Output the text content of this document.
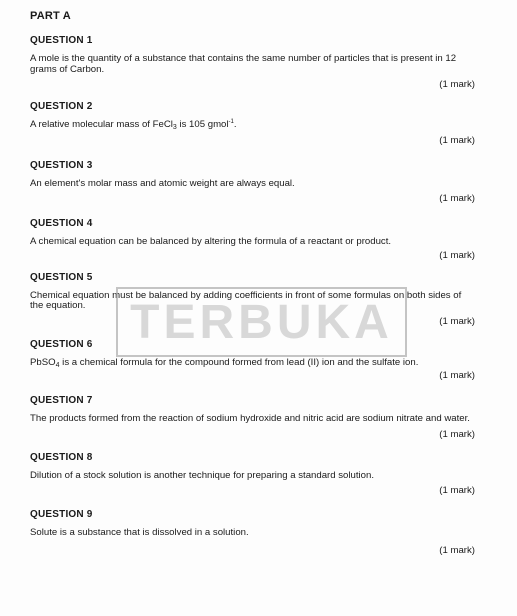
PART A
QUESTION 1

A mole is the quantity of a substance that contains the same number of particles that is present in 12 grams of Carbon.

(1 mark)
QUESTION 2

A relative molecular mass of FeCl$_3$ is 105 gmol$^{-1}$.

(1 mark)
QUESTION 3

An element's molar mass and atomic weight are always equal.

(1 mark)
QUESTION 4

A chemical equation can be balanced by altering the formula of a reactant or product.

(1 mark)
QUESTION 5

Chemical equation must be balanced by adding coefficients in front of some formulas on both sides of the equation.

(1 mark)
QUESTION 6

PbSO$_4$ is a chemical formula for the compound formed from lead (II) ion and the sulfate ion.

(1 mark)
QUESTION 7

The products formed from the reaction of sodium hydroxide and nitric acid are sodium nitrate and water.

(1 mark)
QUESTION 8

Dilution of a stock solution is another technique for preparing a standard solution.

(1 mark)
QUESTION 9

Solute is a substance that is dissolved in a solution.

(1 mark)
TERBUKA
